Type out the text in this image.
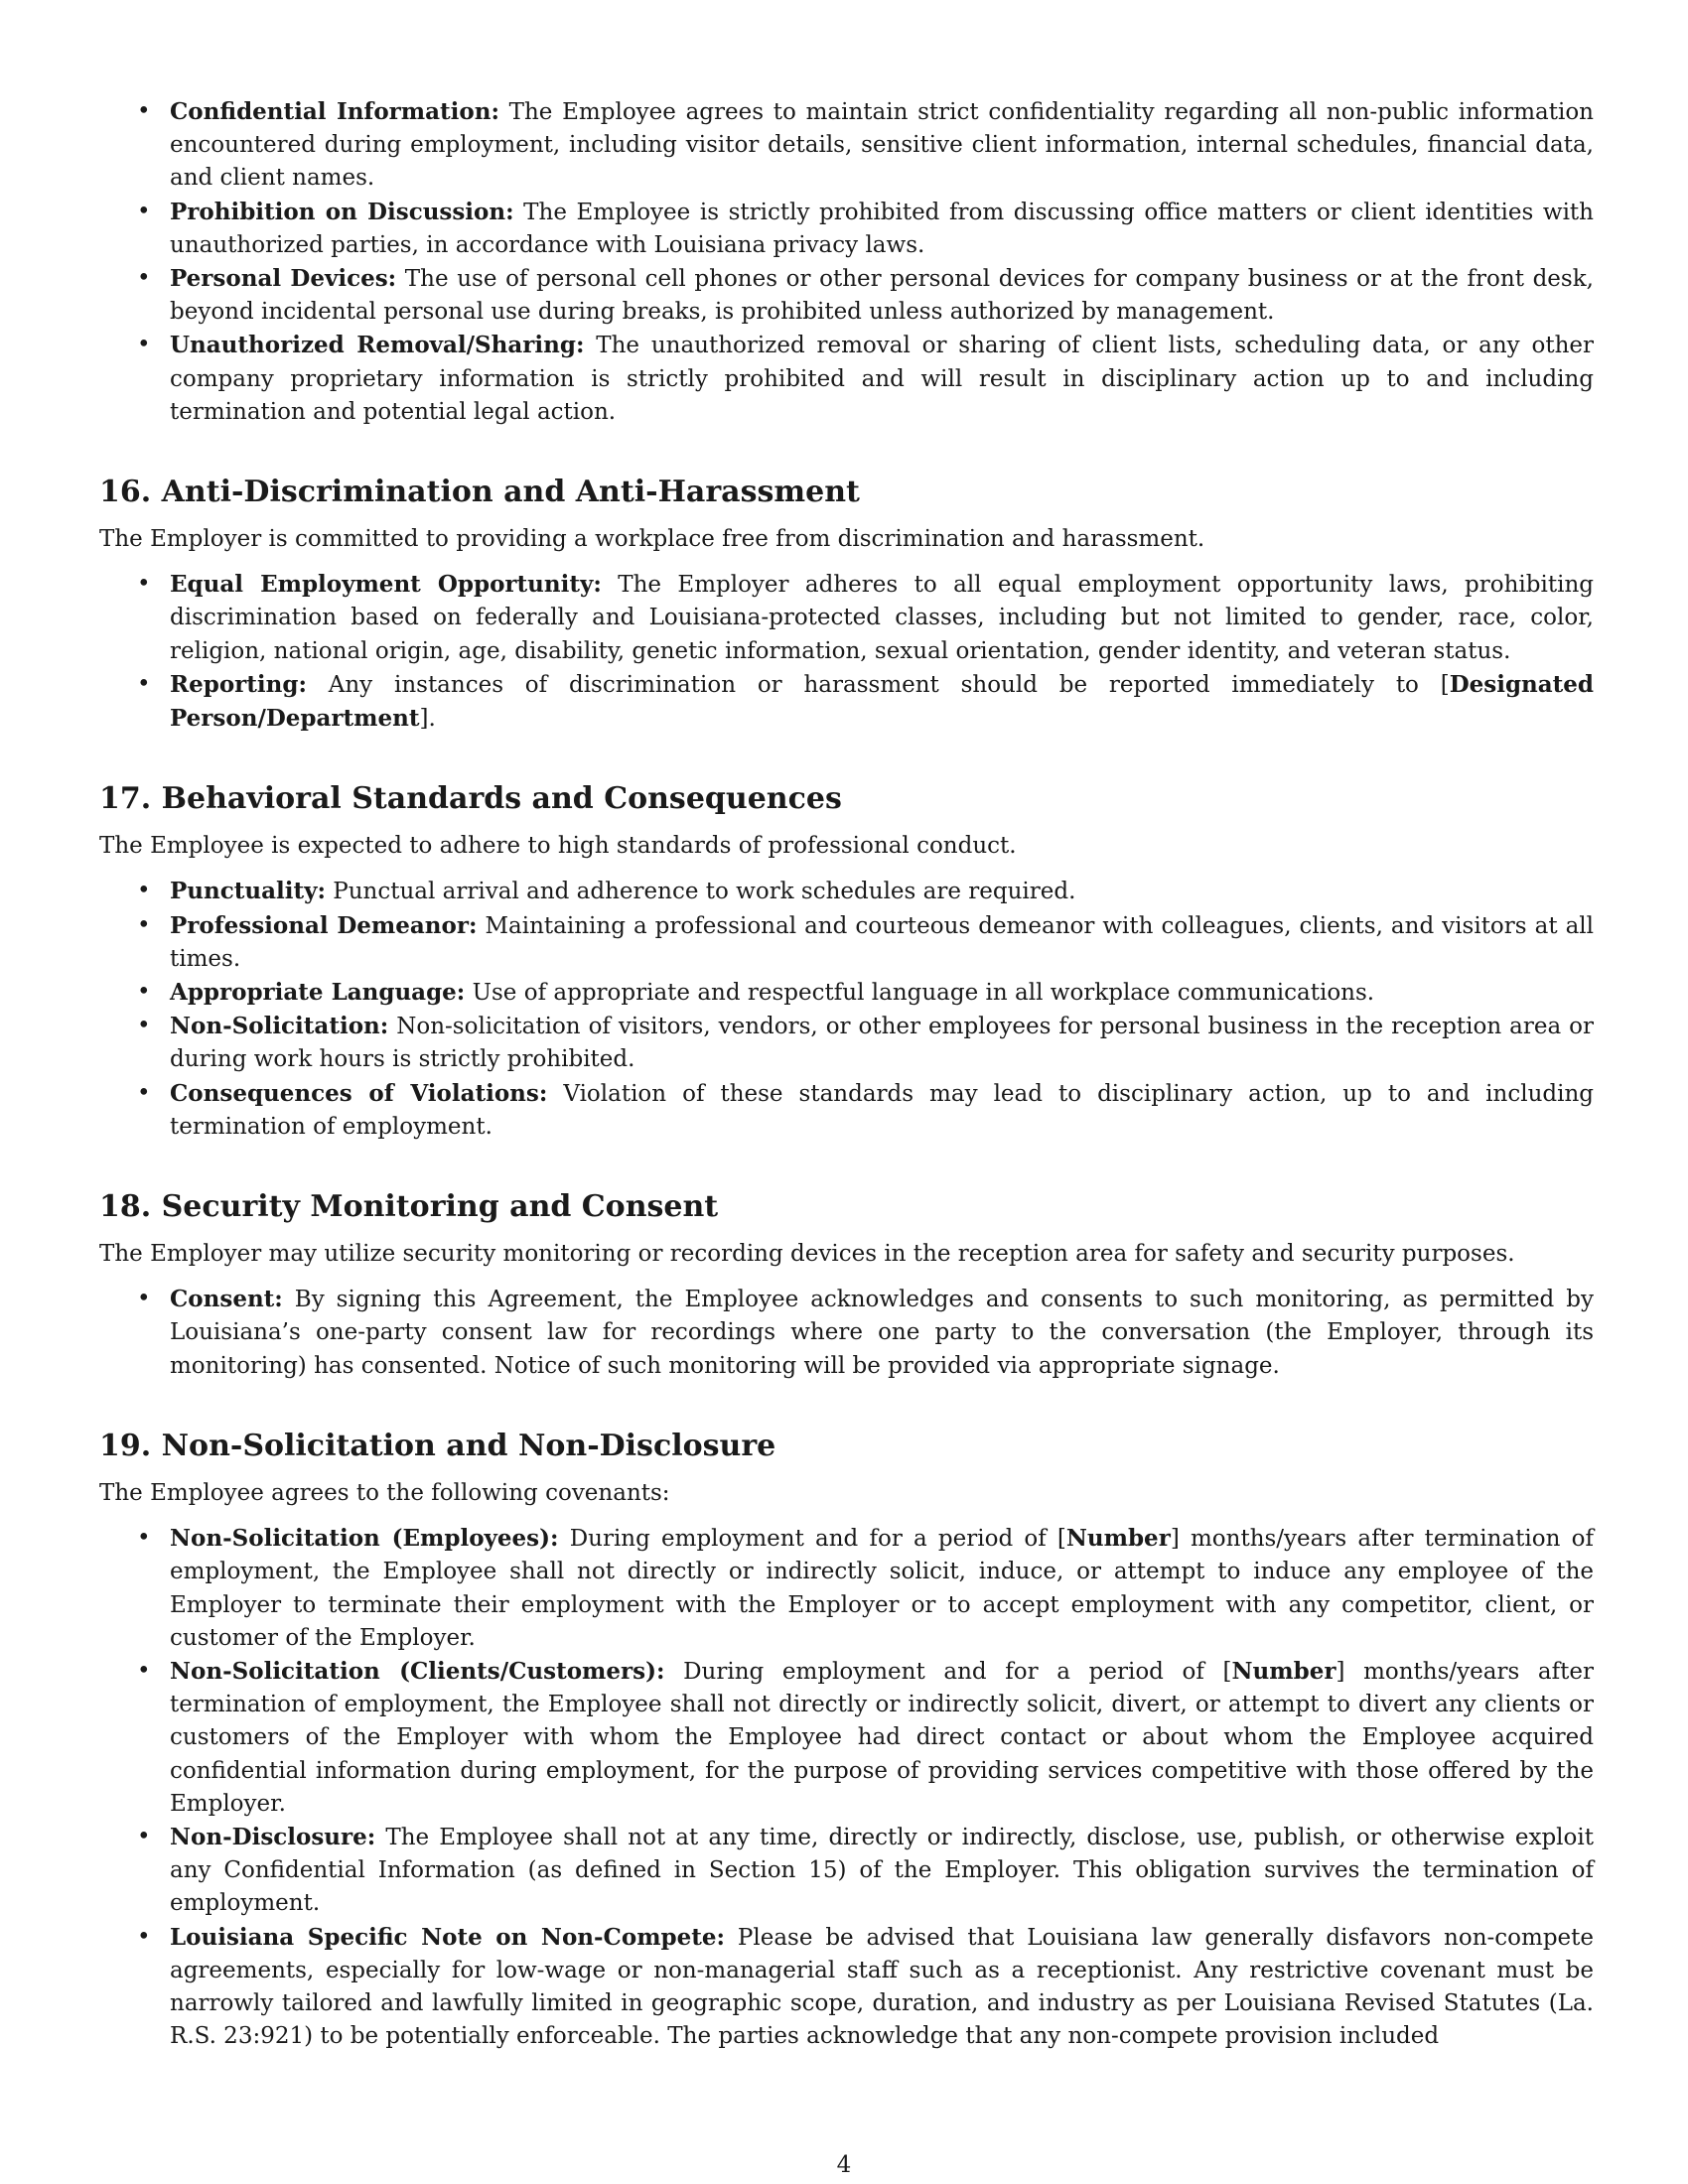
• Confidential Information: The Employee agrees to maintain strict confidentiality regarding all non-public information encountered during employment, including visitor details, sensitive client information, internal schedules, financial data, and client names.
• Prohibition on Discussion: The Employee is strictly prohibited from discussing office matters or client identities with unauthorized parties, in accordance with Louisiana privacy laws.
• Personal Devices: The use of personal cell phones or other personal devices for company business or at the front desk, beyond incidental personal use during breaks, is prohibited unless authorized by management.
• Unauthorized Removal/Sharing: The unauthorized removal or sharing of client lists, scheduling data, or any other company proprietary information is strictly prohibited and will result in disciplinary action up to and including termination and potential legal action.
16. Anti-Discrimination and Anti-Harassment
The Employer is committed to providing a workplace free from discrimination and harassment.
• Equal Employment Opportunity: The Employer adheres to all equal employment opportunity laws, prohibiting discrimination based on federally and Louisiana-protected classes, including but not limited to gender, race, color, religion, national origin, age, disability, genetic information, sexual orientation, gender identity, and veteran status.
• Reporting: Any instances of discrimination or harassment should be reported immediately to [Designated Person/Department].
17. Behavioral Standards and Consequences
The Employee is expected to adhere to high standards of professional conduct.
• Punctuality: Punctual arrival and adherence to work schedules are required.
• Professional Demeanor: Maintaining a professional and courteous demeanor with colleagues, clients, and visitors at all times.
• Appropriate Language: Use of appropriate and respectful language in all workplace communications.
• Non-Solicitation: Non-solicitation of visitors, vendors, or other employees for personal business in the reception area or during work hours is strictly prohibited.
• Consequences of Violations: Violation of these standards may lead to disciplinary action, up to and including termination of employment.
18. Security Monitoring and Consent
The Employer may utilize security monitoring or recording devices in the reception area for safety and security purposes.
• Consent: By signing this Agreement, the Employee acknowledges and consents to such monitoring, as permitted by Louisiana’s one-party consent law for recordings where one party to the conversation (the Employer, through its monitoring) has consented. Notice of such monitoring will be provided via appropriate signage.
19. Non-Solicitation and Non-Disclosure
The Employee agrees to the following covenants:
• Non-Solicitation (Employees): During employment and for a period of [Number] months/years after termination of employment, the Employee shall not directly or indirectly solicit, induce, or attempt to induce any employee of the Employer to terminate their employment with the Employer or to accept employment with any competitor, client, or customer of the Employer.
• Non-Solicitation (Clients/Customers): During employment and for a period of [Number] months/years after termination of employment, the Employee shall not directly or indirectly solicit, divert, or attempt to divert any clients or customers of the Employer with whom the Employee had direct contact or about whom the Employee acquired confidential information during employment, for the purpose of providing services competitive with those offered by the Employer.
• Non-Disclosure: The Employee shall not at any time, directly or indirectly, disclose, use, publish, or otherwise exploit any Confidential Information (as defined in Section 15) of the Employer. This obligation survives the termination of employment.
• Louisiana Specific Note on Non-Compete: Please be advised that Louisiana law generally disfavors non-compete agreements, especially for low-wage or non-managerial staff such as a receptionist. Any restrictive covenant must be narrowly tailored and lawfully limited in geographic scope, duration, and industry as per Louisiana Revised Statutes (La. R.S. 23:921) to be potentially enforceable. The parties acknowledge that any non-compete provision included
4
